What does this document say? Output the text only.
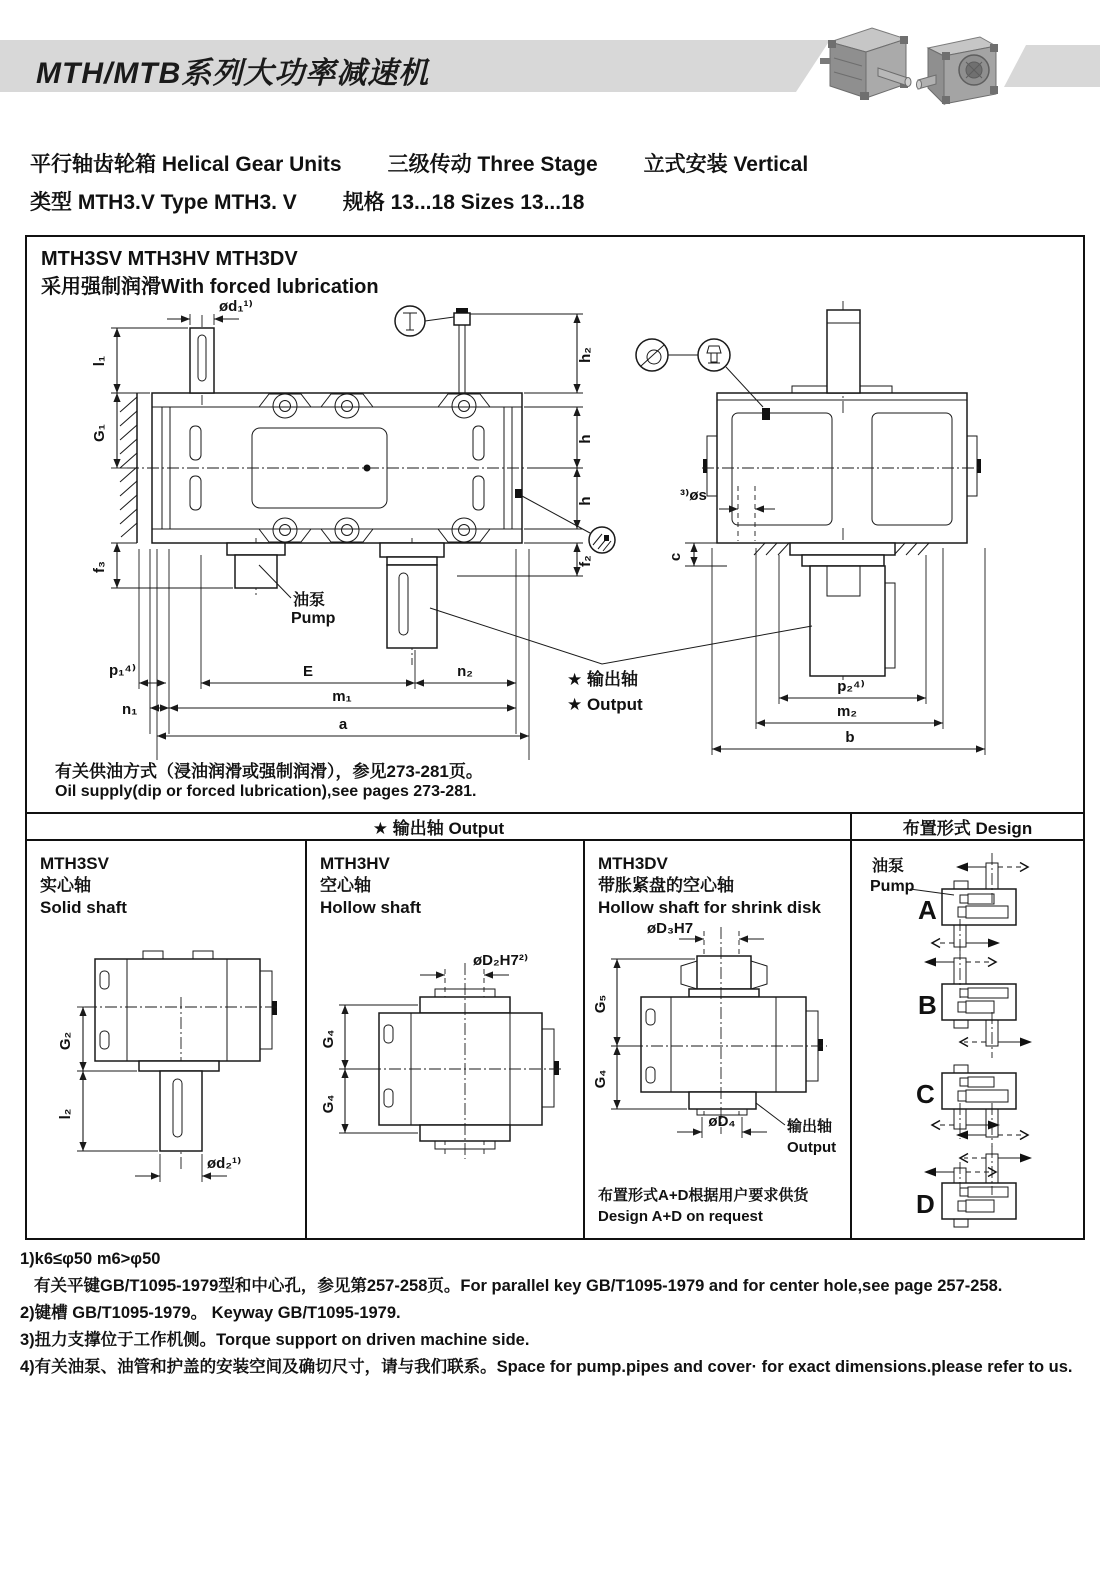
MTH/MTB系列大功率减速机
平行轴齿轮箱 Helical Gear Units 三级传动 Three Stage 立式安装 Vertical
类型 MTH3.V Type MTH3. V 规格 13...18 Sizes 13...18
MTH3SV MTH3HV MTH3DV
采用强制润滑With forced lubrication
油泵
Pump
ød₁¹⁾
l₁
G₁
f₃
h₂
h
h
f₂
p₁⁴⁾	E	n₂
n₁
m₁
a
³⁾øs
c
p₂⁴⁾
m₂
b
★ 输出轴
★ Output
有关供油方式（浸油润滑或强制润滑），参见273-281页。
Oil supply(dip or forced lubrication),see pages 273-281.
★ 输出轴 Output	布置形式 Design
MTH3SV
实心轴
Solid shaft
G₂
l₂
ød₂¹⁾
MTH3HV
空心轴
Hollow shaft
øD₂H7²⁾
G₄
G₄
MTH3DV
带胀紧盘的空心轴
Hollow shaft for shrink disk
øD₃H7
G₅
G₄
øD₄	输出轴
Output
布置形式A+D根据用户要求供货
Design A+D on request
油泵
Pump
A
B
C
D
1)k6≤φ50 m6>φ50
有关平键GB/T1095-1979型和中心孔，参见第257-258页。For parallel key GB/T1095-1979 and for center hole,see page 257-258.
2)键槽 GB/T1095-1979。 Keyway GB/T1095-1979.
3)扭力支撑位于工作机侧。Torque support on driven machine side.
4)有关油泵、油管和护盖的安装空间及确切尺寸，请与我们联系。Space for pump.pipes and cover· for exact dimensions.please refer to us.
